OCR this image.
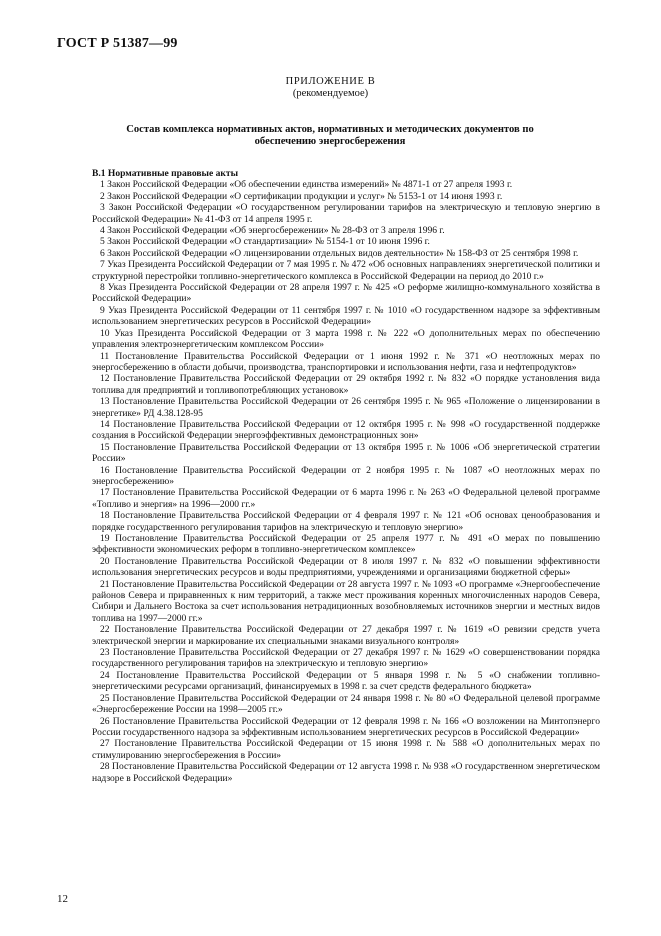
ГОСТ Р 51387—99
ПРИЛОЖЕНИЕ В
(рекомендуемое)
Состав комплекса нормативных актов, нормативных и методических документов по обеспечению энергосбережения
В.1 Нормативные правовые акты

1 Закон Российской Федерации «Об обеспечении единства измерений» № 4871-1 от 27 апреля 1993 г.

2 Закон Российской Федерации «О сертификации продукции и услуг» № 5153-1 от 14 июня 1993 г.

3 Закон Российской Федерации «О государственном регулировании тарифов на электрическую и тепловую энергию в Российской Федерации» № 41-ФЗ от 14 апреля 1995 г.

4 Закон Российской Федерации «Об энергосбережении» № 28-ФЗ от 3 апреля 1996 г.

5 Закон Российской Федерации «О стандартизации» № 5154-1 от 10 июня 1996 г.

6 Закон Российской Федерации «О лицензировании отдельных видов деятельности» № 158-ФЗ от 25 сентября 1998 г.

7 Указ Президента Российской Федерации от 7 мая 1995 г. № 472 «Об основных направлениях энергетической политики и структурной перестройки топливно-энергетического комплекса в Российской Федерации на период до 2010 г.»

8 Указ Президента Российской Федерации от 28 апреля 1997 г. № 425 «О реформе жилищно-коммунального хозяйства в Российской Федерации»

9 Указ Президента Российской Федерации от 11 сентября 1997 г. № 1010 «О государственном надзоре за эффективным использованием энергетических ресурсов в Российской Федерации»

10 Указ Президента Российской Федерации от 3 марта 1998 г. № 222 «О дополнительных мерах по обеспечению управления электроэнергетическим комплексом России»

11 Постановление Правительства Российской Федерации от 1 июня 1992 г. № 371 «О неотложных мерах по энергосбережению в области добычи, производства, транспортировки и использования нефти, газа и нефтепродуктов»

12 Постановление Правительства Российской Федерации от 29 октября 1992 г. № 832 «О порядке установления вида топлива для предприятий и топливопотребляющих установок»

13 Постановление Правительства Российской Федерации от 26 сентября 1995 г. № 965 «Положение о лицензировании в энергетике» РД 4.38.128-95

14 Постановление Правительства Российской Федерации от 12 октября 1995 г. № 998 «О государственной поддержке создания в Российской Федерации энергоэффективных демонстрационных зон»

15 Постановление Правительства Российской Федерации от 13 октября 1995 г. № 1006 «Об энергетической стратегии России»

16 Постановление Правительства Российской Федерации от 2 ноября 1995 г. № 1087 «О неотложных мерах по энергосбережению»

17 Постановление Правительства Российской Федерации от 6 марта 1996 г. № 263 «О Федеральной целевой программе «Топливо и энергия» на 1996—2000 гг.»

18 Постановление Правительства Российской Федерации от 4 февраля 1997 г. № 121 «Об основах ценообразования и порядке государственного регулирования тарифов на электрическую и тепловую энергию»

19 Постановление Правительства Российской Федерации от 25 апреля 1977 г. № 491 «О мерах по повышению эффективности экономических реформ в топливно-энергетическом комплексе»

20 Постановление Правительства Российской Федерации от 8 июля 1997 г. № 832 «О повышении эффективности использования энергетических ресурсов и воды предприятиями, учреждениями и организациями бюджетной сферы»

21 Постановление Правительства Российской Федерации от 28 августа 1997 г. № 1093 «О программе «Энергообеспечение районов Севера и приравненных к ним территорий, а также мест проживания коренных многочисленных народов Севера, Сибири и Дальнего Востока за счет использования нетрадиционных возобновляемых источников энергии и местных видов топлива на 1997—2000 гг.»

22 Постановление Правительства Российской Федерации от 27 декабря 1997 г. № 1619 «О ревизии средств учета электрической энергии и маркирование их специальными знаками визуального контроля»

23 Постановление Правительства Российской Федерации от 27 декабря 1997 г. № 1629 «О совершенствовании порядка государственного регулирования тарифов на электрическую и тепловую энергию»

24 Постановление Правительства Российской Федерации от 5 января 1998 г. № 5 «О снабжении топливно-энергетическими ресурсами организаций, финансируемых в 1998 г. за счет средств федерального бюджета»

25 Постановление Правительства Российской Федерации от 24 января 1998 г. № 80 «О Федеральной целевой программе «Энергосбережение России на 1998—2005 гг.»

26 Постановление Правительства Российской Федерации от 12 февраля 1998 г. № 166 «О возложении на Минтопэнерго России государственного надзора за эффективным использованием энергетических ресурсов в Российской Федерации»

27 Постановление Правительства Российской Федерации от 15 июня 1998 г. № 588 «О дополнительных мерах по стимулированию энергосбережения в России»

28 Постановление Правительства Российской Федерации от 12 августа 1998 г. № 938 «О государственном энергетическом надзоре в Российской Федерации»

12
